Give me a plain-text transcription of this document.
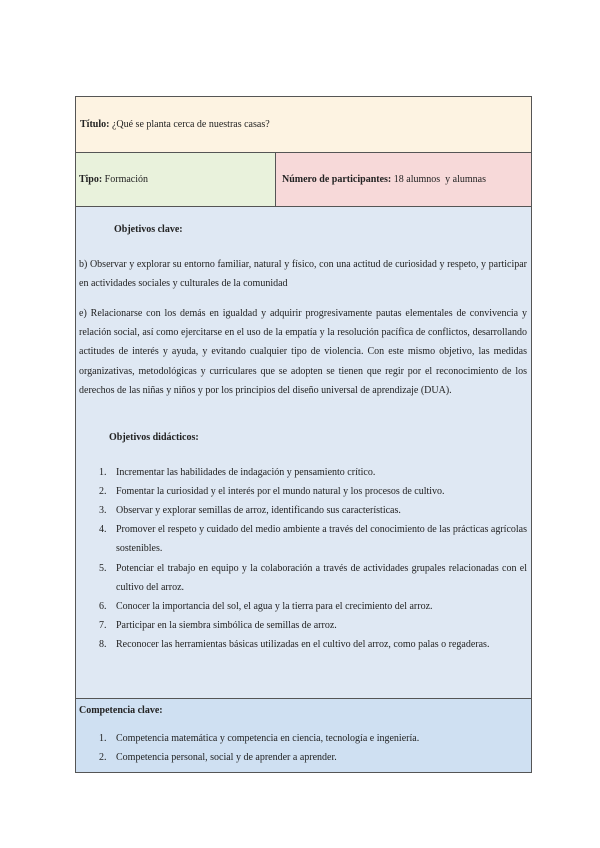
Título:
¿Qué se planta cerca de nuestras casas?
Tipo:
Formación	Número de participantes:
18 alumnos  y alumnas
Objetivos clave:
b) Observar y explorar su entorno familiar, natural y físico, con una actitud de curiosidad y respeto, y participar en actividades sociales y culturales de la comunidad
e) Relacionarse con los demás en igualdad y adquirir progresivamente pautas elementales de convivencia y relación social, así como ejercitarse en el uso de la empatía y la resolución pacífica de conflictos, desarrollando actitudes de interés y ayuda, y evitando cualquier tipo de violencia. Con este mismo objetivo, las medidas organizativas, metodológicas y curriculares que se adopten se tienen que regir por el reconocimiento de los derechos de las niñas y niños y por los principios del diseño universal de aprendizaje (DUA).
Objetivos didácticos:
1. Incrementar las habilidades de indagación y pensamiento crítico.
2. Fomentar la curiosidad y el interés por el mundo natural y los procesos de cultivo.
3. Observar y explorar semillas de arroz, identificando sus características.
4. Promover el respeto y cuidado del medio ambiente a través del conocimiento de las prácticas agrícolas sostenibles.
5. Potenciar el trabajo en equipo y la colaboración a través de actividades grupales relacionadas con el cultivo del arroz.
6. Conocer la importancia del sol, el agua y la tierra para el crecimiento del arroz.
7. Participar en la siembra simbólica de semillas de arroz.
8. Reconocer las herramientas básicas utilizadas en el cultivo del arroz, como palas o regaderas.
Competencia clave:
1. Competencia matemática y competencia en ciencia, tecnología e ingeniería.
2. Competencia personal, social y de aprender a aprender.
